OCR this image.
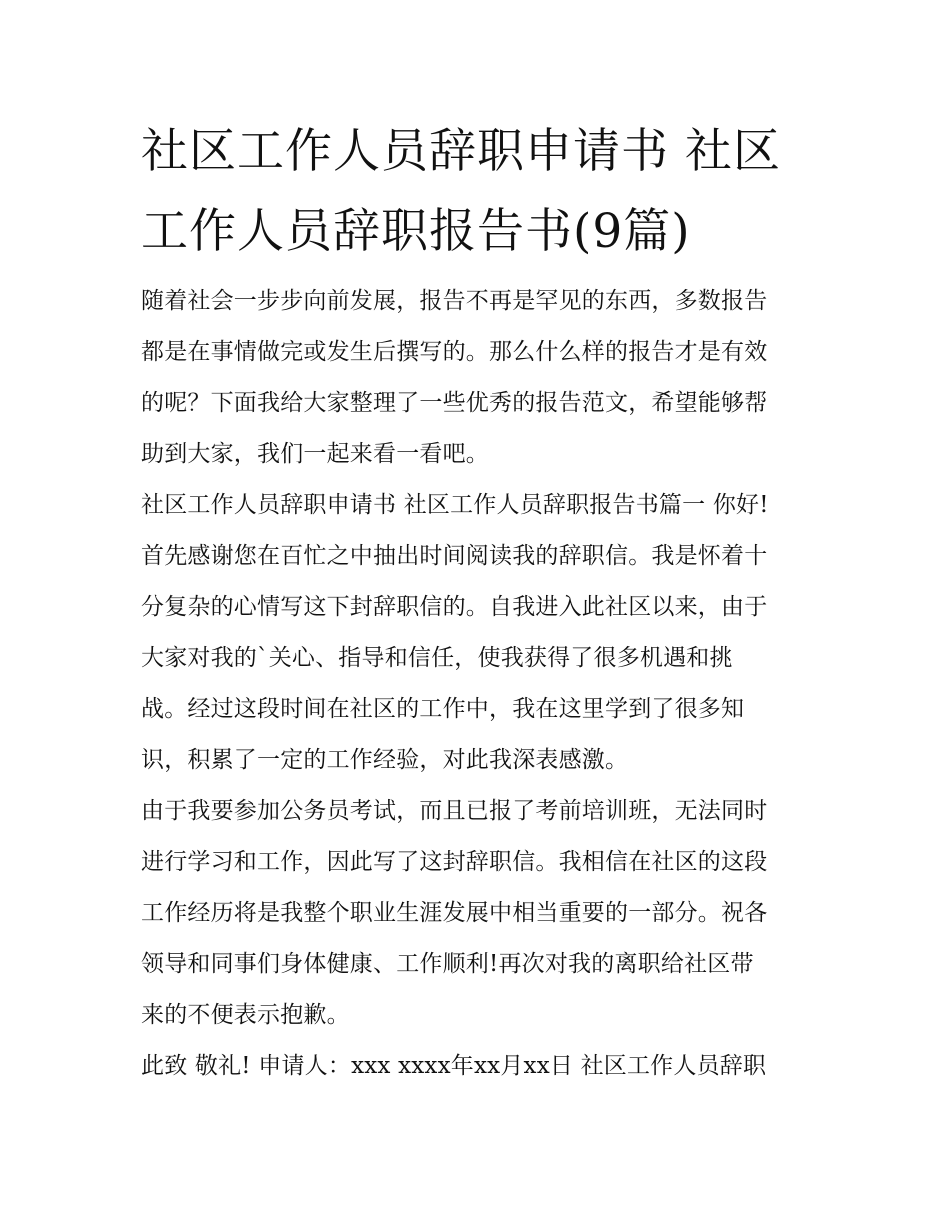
社区工作人员辞职申请书 社区
工作人员辞职报告书(9篇)
随着社会一步步向前发展，报告不再是罕见的东西，多数报告
都是在事情做完或发生后撰写的。那么什么样的报告才是有效
的呢？下面我给大家整理了一些优秀的报告范文，希望能够帮
助到大家，我们一起来看一看吧。
社区工作人员辞职申请书 社区工作人员辞职报告书篇一 你好!
首先感谢您在百忙之中抽出时间阅读我的辞职信。我是怀着十
分复杂的心情写这下封辞职信的。自我进入此社区以来，由于
大家对我的`关心、指导和信任，使我获得了很多机遇和挑
战。经过这段时间在社区的工作中，我在这里学到了很多知
识，积累了一定的工作经验，对此我深表感激。
由于我要参加公务员考试，而且已报了考前培训班，无法同时
进行学习和工作，因此写了这封辞职信。我相信在社区的这段
工作经历将是我整个职业生涯发展中相当重要的一部分。祝各
领导和同事们身体健康、工作顺利!再次对我的离职给社区带
来的不便表示抱歉。
此致 敬礼! 申请人：xxx xxxx年xx月xx日 社区工作人员辞职
